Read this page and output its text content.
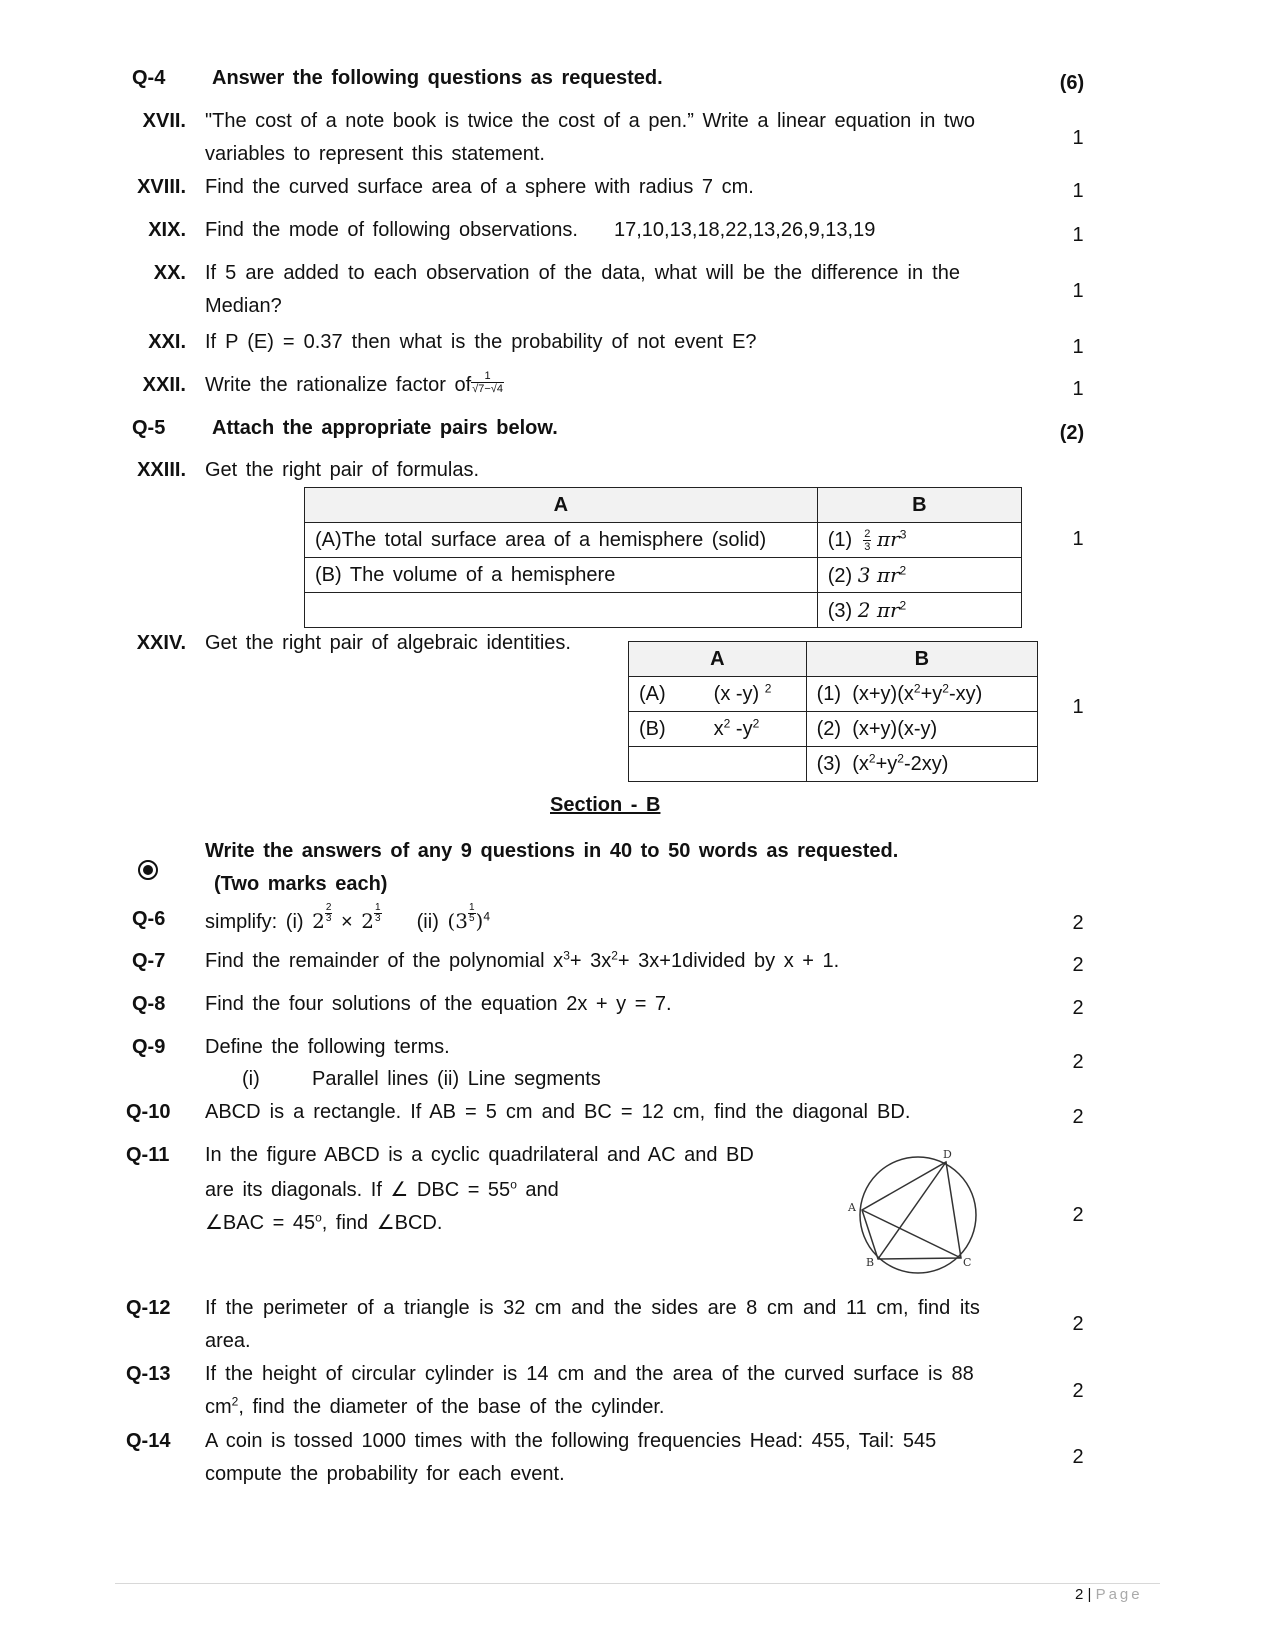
Q-4 Answer the following questions as requested.	(6)
XVII. "The cost of a note book is twice the cost of a pen.” Write a linear equation in two
variables to represent this statement.
1
XVIII. Find the curved surface area of a sphere with radius 7 cm.	1
XIX. Find the mode of following observations. 17,10,13,18,22,13,26,9,13,19	1
XX. If 5 are added to each observation of the data, what will be the difference in the
Median?
1
XXI. If P (E) = 0.37 then what is the probability of not event E?	1
XXII. Write the rationalize factor of $\frac{1}{√7-√4}$	1
Q-5 Attach the appropriate pairs below.	(2)
XXIII. Get the right pair of formulas.
1
A	B
(A)The total surface area of a hemisphere (solid)	$(1) \frac{2}{3} \pi r^3$
(B) The volume of a hemisphere	(2) 3 $\pi r^2$
	(3) 2 $\pi r^2$
XXIV. Get the right pair of algebraic identities.
1
A	B
(A) (x -y) $^2$	(1)  $(x+y)(x^2+y^2-xy)$
(B) $x^2$ $-y^2$	(2) (x+y)(x-y)
	(3)  $(x^2+y^2-2xy)$
Section - B
Write the answers of any 9 questions in 40 to 50 words as requested.
(Two marks each)
Q-6 simplify: (i) $2 \frac{2}{3} \times 2 \frac{1}{3} (ii)$ $(3 \frac{1}{5} )^4$	2
Q-7 Find the remainder of the polynomial $x^3+ 3x^2+$ 3x+1divided by x + 1.	2
Q-8 Find the four solutions of the equation 2x + y = 7.	2
Q-9 Define the following terms.
(i)	Parallel lines (ii) Line segments
2
Q-10 ABCD is a rectangle. If AB = 5 cm and BC = 12 cm, find the diagonal BD.	2
Q-11 In the figure ABCD is a cyclic quadrilateral and AC and BD
are its diagonals. If ∠ DBC = $55^o$ and
∠BAC = $45^o$, find ∠BCD.	2
A
B	C
D
Q-12 If the perimeter of a triangle is 32 cm and the sides are 8 cm and 11 cm, find its
area.
2
Q-13 If the height of circular cylinder is 14 cm and the area of the curved surface is 88
$cm^2$, find the diameter of the base of the cylinder.
2
Q-14 A coin is tossed 1000 times with the following frequencies Head: 455, Tail: 545
compute the probability for each event.
2
2 | Page
